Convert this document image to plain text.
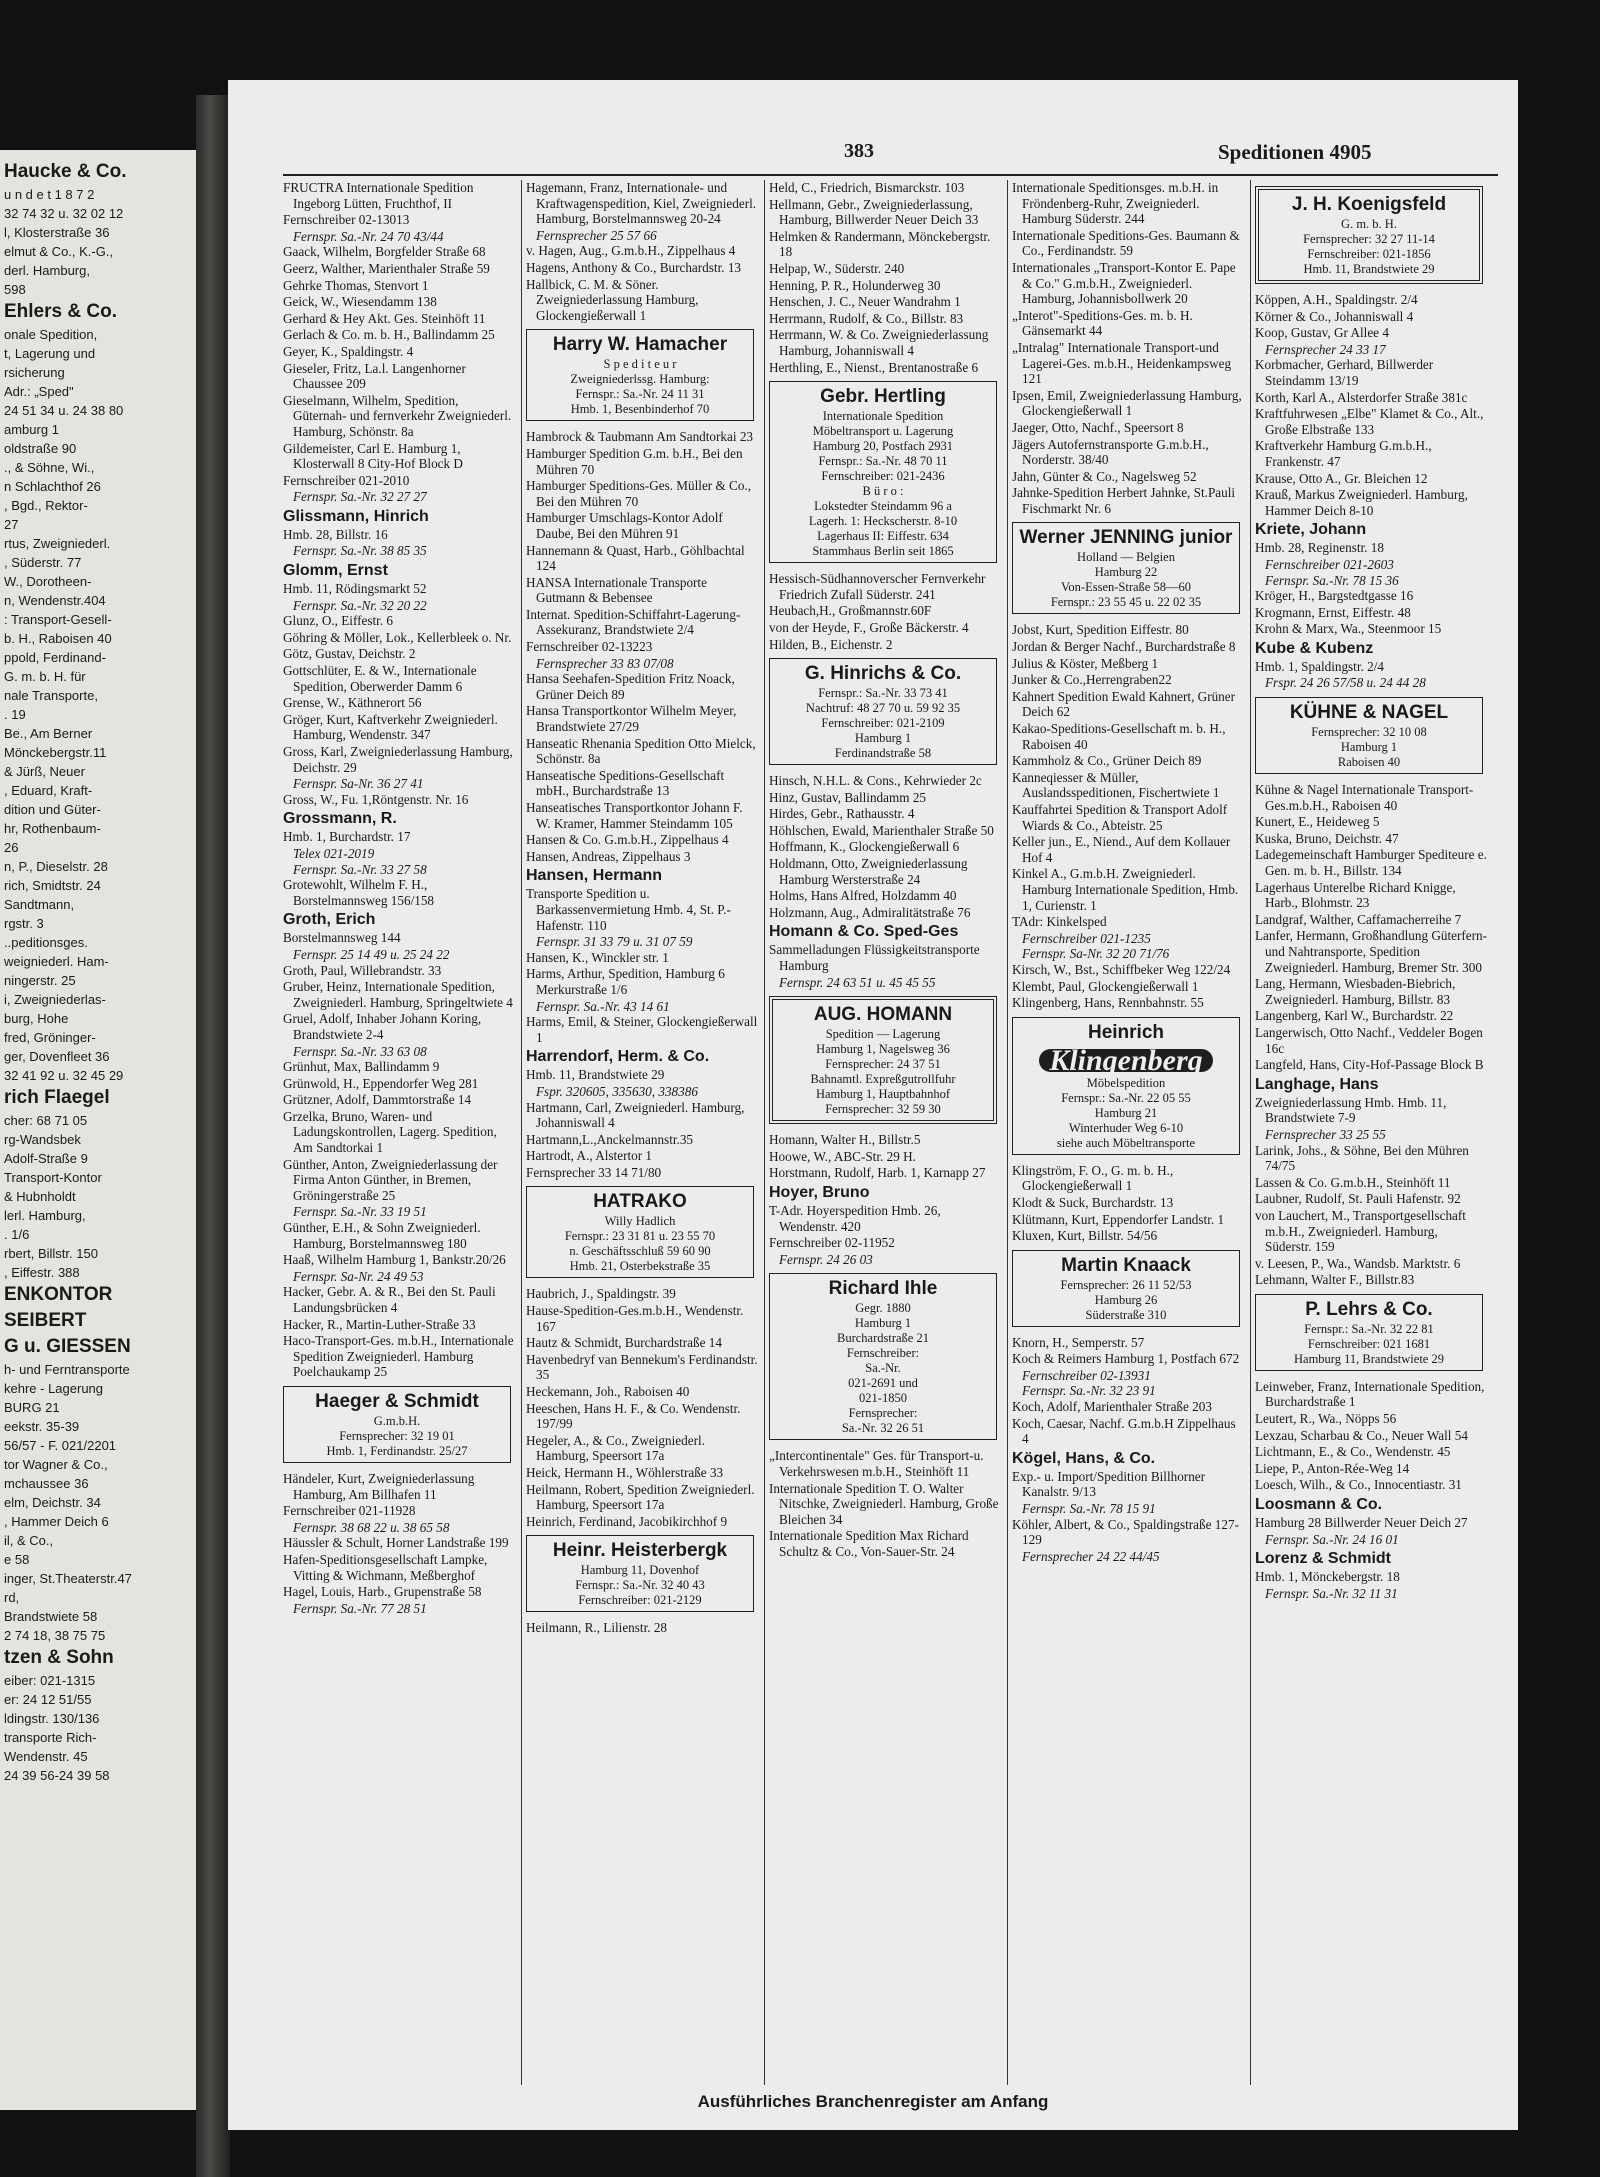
Haucke & Co.
u n d e t 1 8 7 2
32 74 32 u. 32 02 12
l, Klosterstraße 36
elmut & Co., K.-G.,
derl. Hamburg,
598
Ehlers & Co.
onale Spedition,
t, Lagerung und
rsicherung
Adr.: „Sped"
24 51 34 u. 24 38 80
amburg 1
oldstraße 90
., & Söhne, Wi.,
n Schlachthof 26
, Bgd., Rektor-
27
rtus, Zweigniederl.
, Süderstr. 77
W., Dorotheen-
n, Wendenstr.404
: Transport-Gesell-
b. H., Raboisen 40
ppold, Ferdinand-
G. m. b. H. für
nale Transporte,
. 19
Be., Am Berner
Mönckebergstr.11
& Jürß, Neuer
, Eduard, Kraft-
dition und Güter-
hr, Rothenbaum-
26
n, P., Dieselstr. 28
rich, Smidtstr. 24
Sandtmann,
rgstr. 3
..peditionsges.
weigniederl. Ham-
ningerstr. 25
i, Zweigniederlas-
burg, Hohe
fred, Gröninger-
ger, Dovenfleet 36
32 41 92 u. 32 45 29
rich Flaegel
cher: 68 71 05
rg-Wandsbek
Adolf-Straße 9
Transport-Kontor
& Hubnholdt
lerl. Hamburg,
. 1/6
rbert, Billstr. 150
, Eiffestr. 388
ENKONTOR
SEIBERT
G u. GIESSEN
h- und Ferntransporte
kehre - Lagerung
BURG 21
eekstr. 35-39
56/57 - F. 021/2201
tor Wagner & Co.,
mchaussee 36
elm, Deichstr. 34
, Hammer Deich 6
il, & Co.,
e 58
inger, St.Theaterstr.47
rd,
Brandstwiete 58
2 74 18, 38 75 75
tzen & Sohn
eiber: 021-1315
er: 24 12 51/55
ldingstr. 130/136
transporte Rich-
Wendenstr. 45
24 39 56-24 39 58
383	Speditionen 4905
FRUCTRA Internationale Spedition Ingeborg Lütten, Fruchthof, II
Fernschreiber 02-13013
Fernspr. Sa.-Nr. 24 70 43/44
Gaack, Wilhelm, Borgfelder Straße 68
Geerz, Walther, Marienthaler Straße 59
Gehrke Thomas, Stenvort 1
Geick, W., Wiesendamm 138
Gerhard & Hey Akt. Ges. Steinhöft 11
Gerlach & Co. m. b. H., Ballindamm 25
Geyer, K., Spaldingstr. 4
Gieseler, Fritz, La.l. Langenhorner Chaussee 209
Gieselmann, Wilhelm, Spedition, Güternah- und fernverkehr Zweigniederl. Hamburg, Schönstr. 8a
Gildemeister, Carl E. Hamburg 1, Klosterwall 8 City-Hof Block D
Fernschreiber 021-2010
Fernspr. Sa.-Nr. 32 27 27
Glissmann, Hinrich
Hmb. 28, Billstr. 16
Fernspr. Sa.-Nr. 38 85 35
Glomm, Ernst
Hmb. 11, Rödingsmarkt 52
Fernspr. Sa.-Nr. 32 20 22
Glunz, O., Eiffestr. 6
Göhring & Möller, Lok., Kellerbleek o. Nr.
Götz, Gustav, Deichstr. 2
Gottschlüter, E. & W., Internationale Spedition, Oberwerder Damm 6
Grense, W., Käthnerort 56
Gröger, Kurt, Kaftverkehr Zweigniederl. Hamburg, Wendenstr. 347
Gross, Karl, Zweigniederlassung Hamburg, Deichstr. 29
Fernspr. Sa-Nr. 36 27 41
Gross, W., Fu. 1,Röntgenstr. Nr. 16
Grossmann, R.
Hmb. 1, Burchardstr. 17
Telex 021-2019
Fernspr. Sa.-Nr. 33 27 58
Grotewohlt, Wilhelm F. H., Borstelmannsweg 156/158
Groth, Erich
Borstelmannsweg 144
Fernspr. 25 14 49 u. 25 24 22
Groth, Paul, Willebrandstr. 33
Gruber, Heinz, Internationale Spedition, Zweigniederl. Hamburg, Springeltwiete 4
Gruel, Adolf, Inhaber Johann Koring, Brandstwiete 2-4
Fernspr. Sa.-Nr. 33 63 08
Grünhut, Max, Ballindamm 9
Grünwold, H., Eppendorfer Weg 281
Grützner, Adolf, Dammtorstraße 14
Grzelka, Bruno, Waren- und Ladungskontrollen, Lagerg. Spedition, Am Sandtorkai 1
Günther, Anton, Zweigniederlassung der Firma Anton Günther, in Bremen, Gröningerstraße 25
Fernspr. Sa.-Nr. 33 19 51
Günther, E.H., & Sohn Zweigniederl. Hamburg, Borstelmannsweg 180
Haaß, Wilhelm Hamburg 1, Bankstr.20/26
Fernspr. Sa-Nr. 24 49 53
Hacker, Gebr. A. & R., Bei den St. Pauli Landungsbrücken 4
Hacker, R., Martin-Luther-Straße 33
Haco-Transport-Ges. m.b.H., Internationale Spedition Zweigniederl. Hamburg Poelchaukamp 25
Haeger & Schmidt
G.m.b.H.
Fernsprecher: 32 19 01
Hmb. 1, Ferdinandstr. 25/27
Händeler, Kurt, Zweigniederlassung Hamburg, Am Billhafen 11
Fernschreiber 021-11928
Fernspr. 38 68 22 u. 38 65 58
Häussler & Schult, Horner Landstraße 199
Hafen-Speditionsgesellschaft Lampke, Vitting & Wichmann, Meßberghof
Hagel, Louis, Harb., Grupenstraße 58
Fernspr. Sa.-Nr. 77 28 51
Hagemann, Franz, Internationale- und Kraftwagenspedition, Kiel, Zweigniederl. Hamburg, Borstelmannsweg 20-24
Fernsprecher 25 57 66
v. Hagen, Aug., G.m.b.H., Zippelhaus 4
Hagens, Anthony & Co., Burchardstr. 13
Hallbick, C. M. & Söner. Zweigniederlassung Hamburg, Glockengießerwall 1
Harry W. Hamacher
S p e d i t e u r
Zweigniederlssg. Hamburg:
Fernspr.: Sa.-Nr. 24 11 31
Hmb. 1, Besenbinderhof 70
Hambrock & Taubmann Am Sandtorkai 23
Hamburger Spedition G.m. b.H., Bei den Mühren 70
Hamburger Speditions-Ges. Müller & Co., Bei den Mühren 70
Hamburger Umschlags-Kontor Adolf Daube, Bei den Mühren 91
Hannemann & Quast, Harb., Göhlbachtal 124
HANSA Internationale Transporte Gutmann & Bebensee
Internat. Spedition-Schiffahrt-Lagerung-Assekuranz, Brandstwiete 2/4
Fernschreiber 02-13223
Fernsprecher 33 83 07/08
Hansa Seehafen-Spedition Fritz Noack, Grüner Deich 89
Hansa Transportkontor Wilhelm Meyer, Brandstwiete 27/29
Hanseatic Rhenania Spedition Otto Mielck, Schönstr. 8a
Hanseatische Speditions-Gesellschaft mbH., Burchardstraße 13
Hanseatisches Transportkontor Johann F. W. Kramer, Hammer Steindamm 105
Hansen & Co. G.m.b.H., Zippelhaus 4
Hansen, Andreas, Zippelhaus 3
Hansen, Hermann
Transporte Spedition u. Barkassenvermietung Hmb. 4, St. P.-Hafenstr. 110
Fernspr. 31 33 79 u. 31 07 59
Hansen, K., Winckler str. 1
Harms, Arthur, Spedition, Hamburg 6 Merkurstraße 1/6
Fernspr. Sa.-Nr. 43 14 61
Harms, Emil, & Steiner, Glockengießerwall 1
Harrendorf, Herm. & Co.
Hmb. 11, Brandstwiete 29
Fspr. 320605, 335630, 338386
Hartmann, Carl, Zweigniederl. Hamburg, Johanniswall 4
Hartmann,L.,Anckelmannstr.35
Hartrodt, A., Alstertor 1
Fernsprecher 33 14 71/80
HATRAKO
Willy Hadlich
Fernspr.: 23 31 81 u. 23 55 70
n. Geschäftsschluß 59 60 90
Hmb. 21, Osterbekstraße 35
Haubrich, J., Spaldingstr. 39
Hause-Spedition-Ges.m.b.H., Wendenstr. 167
Hautz & Schmidt, Burchardstraße 14
Havenbedryf van Bennekum's Ferdinandstr. 35
Heckemann, Joh., Raboisen 40
Heeschen, Hans H. F., & Co. Wendenstr. 197/99
Hegeler, A., & Co., Zweigniederl. Hamburg, Speersort 17a
Heick, Hermann H., Wöhlerstraße 33
Heilmann, Robert, Spedition Zweigniederl. Hamburg, Speersort 17a
Heinrich, Ferdinand, Jacobikirchhof 9
Heinr. Heisterbergk
Hamburg 11, Dovenhof
Fernspr.: Sa.-Nr. 32 40 43
Fernschreiber: 021-2129
Heilmann, R., Lilienstr. 28
Held, C., Friedrich, Bismarckstr. 103
Hellmann, Gebr., Zweigniederlassung, Hamburg, Billwerder Neuer Deich 33
Helmken & Randermann, Mönckebergstr. 18
Helpap, W., Süderstr. 240
Henning, P. R., Holunderweg 30
Henschen, J. C., Neuer Wandrahm 1
Herrmann, Rudolf, & Co., Billstr. 83
Herrmann, W. & Co. Zweigniederlassung Hamburg, Johanniswall 4
Herthling, E., Nienst., Brentanostraße 6
Gebr. Hertling
Internationale Spedition
Möbeltransport u. Lagerung
Hamburg 20, Postfach 2931
Fernspr.: Sa.-Nr. 48 70 11
Fernschreiber: 021-2436
B ü r o :
Lokstedter Steindamm 96 a
Lagerh. 1: Heckscherstr. 8-10
Lagerhaus II: Eiffestr. 634
Stammhaus Berlin seit 1865
Hessisch-Südhannoverscher Fernverkehr Friedrich Zufall Süderstr. 241
Heubach,H., Großmannstr.60F
von der Heyde, F., Große Bäckerstr. 4
Hilden, B., Eichenstr. 2
G. Hinrichs & Co.
Fernspr.: Sa.-Nr. 33 73 41
Nachtruf: 48 27 70 u. 59 92 35
Fernschreiber: 021-2109
Hamburg 1
Ferdinandstraße 58
Hinsch, N.H.L. & Cons., Kehrwieder 2c
Hinz, Gustav, Ballindamm 25
Hirdes, Gebr., Rathausstr. 4
Höhlschen, Ewald, Marienthaler Straße 50
Hoffmann, K., Glockengießerwall 6
Holdmann, Otto, Zweigniederlassung Hamburg Wersterstraße 24
Holms, Hans Alfred, Holzdamm 40
Holzmann, Aug., Admiralitätstraße 76
Homann & Co. Sped-Ges
Sammelladungen Flüssigkeitstransporte Hamburg
Fernspr. 24 63 51 u. 45 45 55
AUG. HOMANN
Spedition — Lagerung
Hamburg 1, Nagelsweg 36
Fernsprecher: 24 37 51
Bahnamtl. Expreßgutrollfuhr
Hamburg 1, Hauptbahnhof
Fernsprecher: 32 59 30
Homann, Walter H., Billstr.5
Hoowe, W., ABC-Str. 29 H.
Horstmann, Rudolf, Harb. 1, Karnapp 27
Hoyer, Bruno
T-Adr. Hoyerspedition Hmb. 26, Wendenstr. 420
Fernschreiber 02-11952
Fernspr. 24 26 03
Richard Ihle
Gegr. 1880
Hamburg 1
Burchardstraße 21
Fernschreiber:
Sa.-Nr.
021-2691 und
021-1850
Fernsprecher:
Sa.-Nr. 32 26 51
„Intercontinentale" Ges. für Transport-u. Verkehrswesen m.b.H., Steinhöft 11
Internationale Spedition T. O. Walter Nitschke, Zweigniederl. Hamburg, Große Bleichen 34
Internationale Spedition Max Richard Schultz & Co., Von-Sauer-Str. 24
Internationale Speditionsges. m.b.H. in Fröndenberg-Ruhr, Zweigniederl. Hamburg Süderstr. 244
Internationale Speditions-Ges. Baumann & Co., Ferdinandstr. 59
Internationales „Transport-Kontor E. Pape & Co." G.m.b.H., Zweigniederl. Hamburg, Johannisbollwerk 20
„Interot"-Speditions-Ges. m. b. H. Gänsemarkt 44
„Intralag" Internationale Transport-und Lagerei-Ges. m.b.H., Heidenkampsweg 121
Ipsen, Emil, Zweigniederlassung Hamburg, Glockengießerwall 1
Jaeger, Otto, Nachf., Speersort 8
Jägers Autofernstransporte G.m.b.H., Norderstr. 38/40
Jahn, Günter & Co., Nagelsweg 52
Jahnke-Spedition Herbert Jahnke, St.Pauli Fischmarkt Nr. 6
Werner JENNING junior
Holland — Belgien
Hamburg 22
Von-Essen-Straße 58—60
Fernspr.: 23 55 45 u. 22 02 35
Jobst, Kurt, Spedition Eiffestr. 80
Jordan & Berger Nachf., Burchardstraße 8
Julius & Köster, Meßberg 1
Junker & Co.,Herrengraben22
Kahnert Spedition Ewald Kahnert, Grüner Deich 62
Kakao-Speditions-Gesellschaft m. b. H., Raboisen 40
Kammholz & Co., Grüner Deich 89
Kanneqiesser & Müller, Auslandsspeditionen, Fischertwiete 1
Kauffahrtei Spedition & Transport Adolf Wiards & Co., Abteistr. 25
Keller jun., E., Niend., Auf dem Kollauer Hof 4
Kinkel A., G.m.b.H. Zweigniederl. Hamburg Internationale Spedition, Hmb. 1, Curienstr. 1
TAdr: Kinkelsped
Fernschreiber 021-1235
Fernspr. Sa-Nr. 32 20 71/76
Kirsch, W., Bst., Schiffbeker Weg 122/24
Klembt, Paul, Glockengießerwall 1
Klingenberg, Hans, Rennbahnstr. 55
Heinrich
Klingenberg
Möbelspedition
Fernspr.: Sa.-Nr. 22 05 55
Hamburg 21
Winterhuder Weg 6-10
siehe auch Möbeltransporte
Klingström, F. O., G. m. b. H., Glockengießerwall 1
Klodt & Suck, Burchardstr. 13
Klütmann, Kurt, Eppendorfer Landstr. 1
Kluxen, Kurt, Billstr. 54/56
Martin Knaack
Fernsprecher: 26 11 52/53
Hamburg 26
Süderstraße 310
Knorn, H., Semperstr. 57
Koch & Reimers Hamburg 1, Postfach 672
Fernschreiber 02-13931
Fernspr. Sa.-Nr. 32 23 91
Koch, Adolf, Marienthaler Straße 203
Koch, Caesar, Nachf. G.m.b.H Zippelhaus 4
Kögel, Hans, & Co.
Exp.- u. Import/Spedition Billhorner Kanalstr. 9/13
Fernspr. Sa.-Nr. 78 15 91
Köhler, Albert, & Co., Spaldingstraße 127-129
Fernsprecher 24 22 44/45
J. H. Koenigsfeld
G. m. b. H.
Fernsprecher: 32 27 11-14
Fernschreiber: 021-1856
Hmb. 11, Brandstwiete 29
Köppen, A.H., Spaldingstr. 2/4
Körner & Co., Johanniswall 4
Koop, Gustav, Gr Allee 4
Fernsprecher 24 33 17
Korbmacher, Gerhard, Billwerder Steindamm 13/19
Korth, Karl A., Alsterdorfer Straße 381c
Kraftfuhrwesen „Elbe" Klamet & Co., Alt., Große Elbstraße 133
Kraftverkehr Hamburg G.m.b.H., Frankenstr. 47
Krause, Otto A., Gr. Bleichen 12
Krauß, Markus Zweigniederl. Hamburg, Hammer Deich 8-10
Kriete, Johann
Hmb. 28, Reginenstr. 18
Fernschreiber 021-2603
Fernspr. Sa.-Nr. 78 15 36
Kröger, H., Bargstedtgasse 16
Krogmann, Ernst, Eiffestr. 48
Krohn & Marx, Wa., Steenmoor 15
Kube & Kubenz
Hmb. 1, Spaldingstr. 2/4
Frspr. 24 26 57/58 u. 24 44 28
KÜHNE & NAGEL
Fernsprecher: 32 10 08
Hamburg 1
Raboisen 40
Kühne & Nagel Internationale Transport-Ges.m.b.H., Raboisen 40
Kunert, E., Heideweg 5
Kuska, Bruno, Deichstr. 47
Ladegemeinschaft Hamburger Spediteure e. Gen. m. b. H., Billstr. 134
Lagerhaus Unterelbe Richard Knigge, Harb., Blohmstr. 23
Landgraf, Walther, Caffamacherreihe 7
Lanfer, Hermann, Großhandlung Güterfern- und Nahtransporte, Spedition Zweigniederl. Hamburg, Bremer Str. 300
Lang, Hermann, Wiesbaden-Biebrich, Zweigniederl. Hamburg, Billstr. 83
Langenberg, Karl W., Burchardstr. 22
Langerwisch, Otto Nachf., Veddeler Bogen 16c
Langfeld, Hans, City-Hof-Passage Block B
Langhage, Hans
Zweigniederlassung Hmb. Hmb. 11, Brandstwiete 7-9
Fernsprecher 33 25 55
Larink, Johs., & Söhne, Bei den Mühren 74/75
Lassen & Co. G.m.b.H., Steinhöft 11
Laubner, Rudolf, St. Pauli Hafenstr. 92
von Lauchert, M., Transportgesellschaft m.b.H., Zweigniederl. Hamburg, Süderstr. 159
v. Leesen, P., Wa., Wandsb. Marktstr. 6
Lehmann, Walter F., Billstr.83
P. Lehrs & Co.
Fernspr.: Sa.-Nr. 32 22 81
Fernschreiber: 021 1681
Hamburg 11, Brandstwiete 29
Leinweber, Franz, Internationale Spedition, Burchardstraße 1
Leutert, R., Wa., Nöpps 56
Lexzau, Scharbau & Co., Neuer Wall 54
Lichtmann, E., & Co., Wendenstr. 45
Liepe, P., Anton-Rée-Weg 14
Loesch, Wilh., & Co., Innocentiastr. 31
Loosmann & Co.
Hamburg 28 Billwerder Neuer Deich 27
Fernspr. Sa.-Nr. 24 16 01
Lorenz & Schmidt
Hmb. 1, Mönckebergstr. 18
Fernspr. Sa.-Nr. 32 11 31
Ausführliches Branchenregister am Anfang
